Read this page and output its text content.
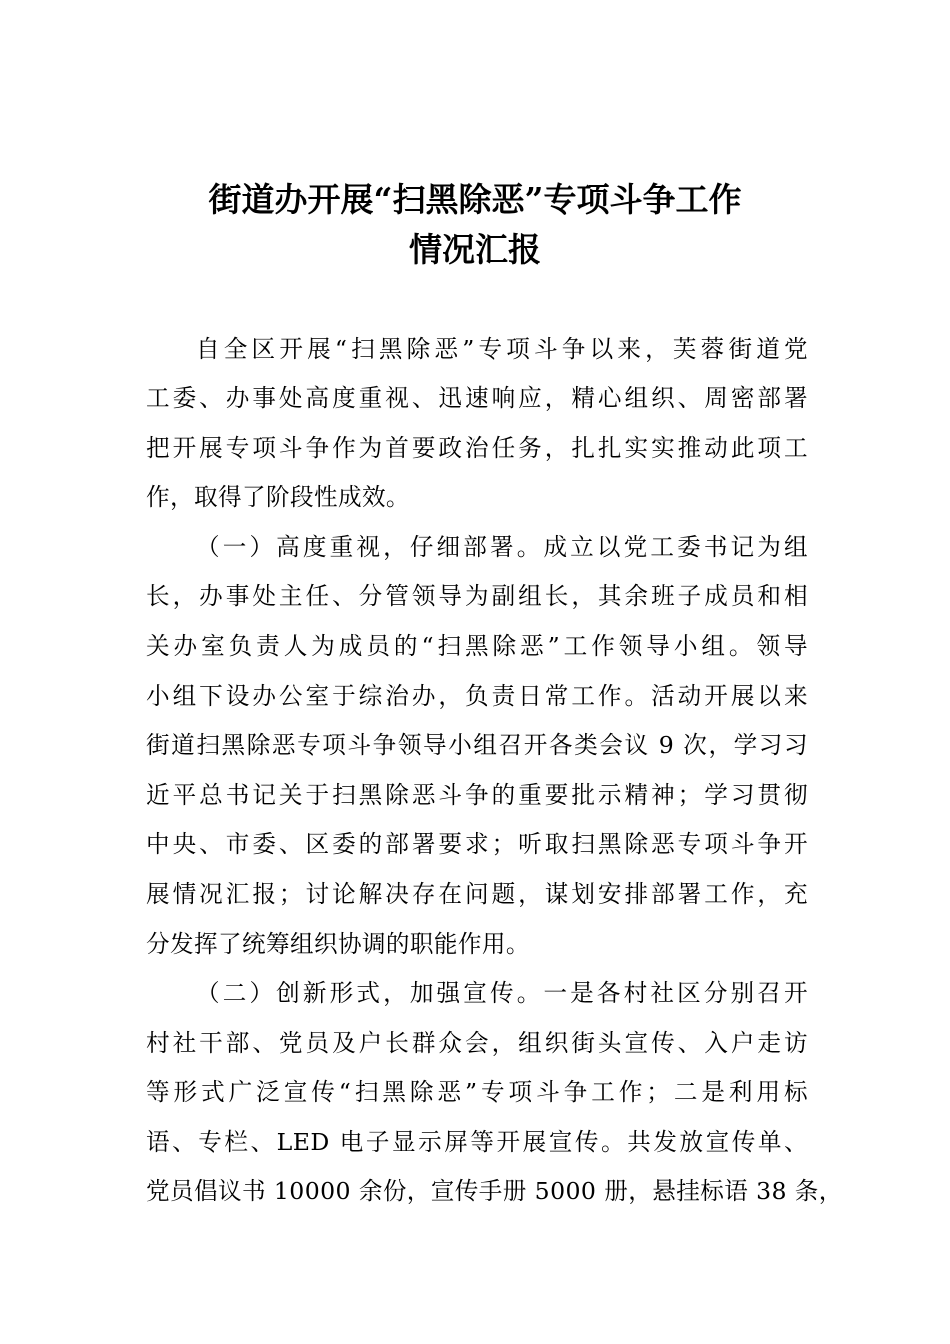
街道办开展“扫黑除恶”专项斗争工作
情况汇报
自全区开展“扫黑除恶”专项斗争以来，芙蓉街道党
工委、办事处高度重视、迅速响应，精心组织、周密部署
把开展专项斗争作为首要政治任务，扎扎实实推动此项工
作，取得了阶段性成效。
（一）高度重视，仔细部署。成立以党工委书记为组
长，办事处主任、分管领导为副组长，其余班子成员和相
关办室负责人为成员的“扫黑除恶”工作领导小组。领导
小组下设办公室于综治办，负责日常工作。活动开展以来
街道扫黑除恶专项斗争领导小组召开各类会议 9 次，学习习
近平总书记关于扫黑除恶斗争的重要批示精神；学习贯彻
中央、市委、区委的部署要求；听取扫黑除恶专项斗争开
展情况汇报；讨论解决存在问题，谋划安排部署工作，充
分发挥了统筹组织协调的职能作用。
（二）创新形式，加强宣传。一是各村社区分别召开
村社干部、党员及户长群众会，组织街头宣传、入户走访
等形式广泛宣传“扫黑除恶”专项斗争工作；二是利用标
语、专栏、LED 电子显示屏等开展宣传。共发放宣传单、
党员倡议书 10000 余份，宣传手册 5000 册，悬挂标语 38 条，
